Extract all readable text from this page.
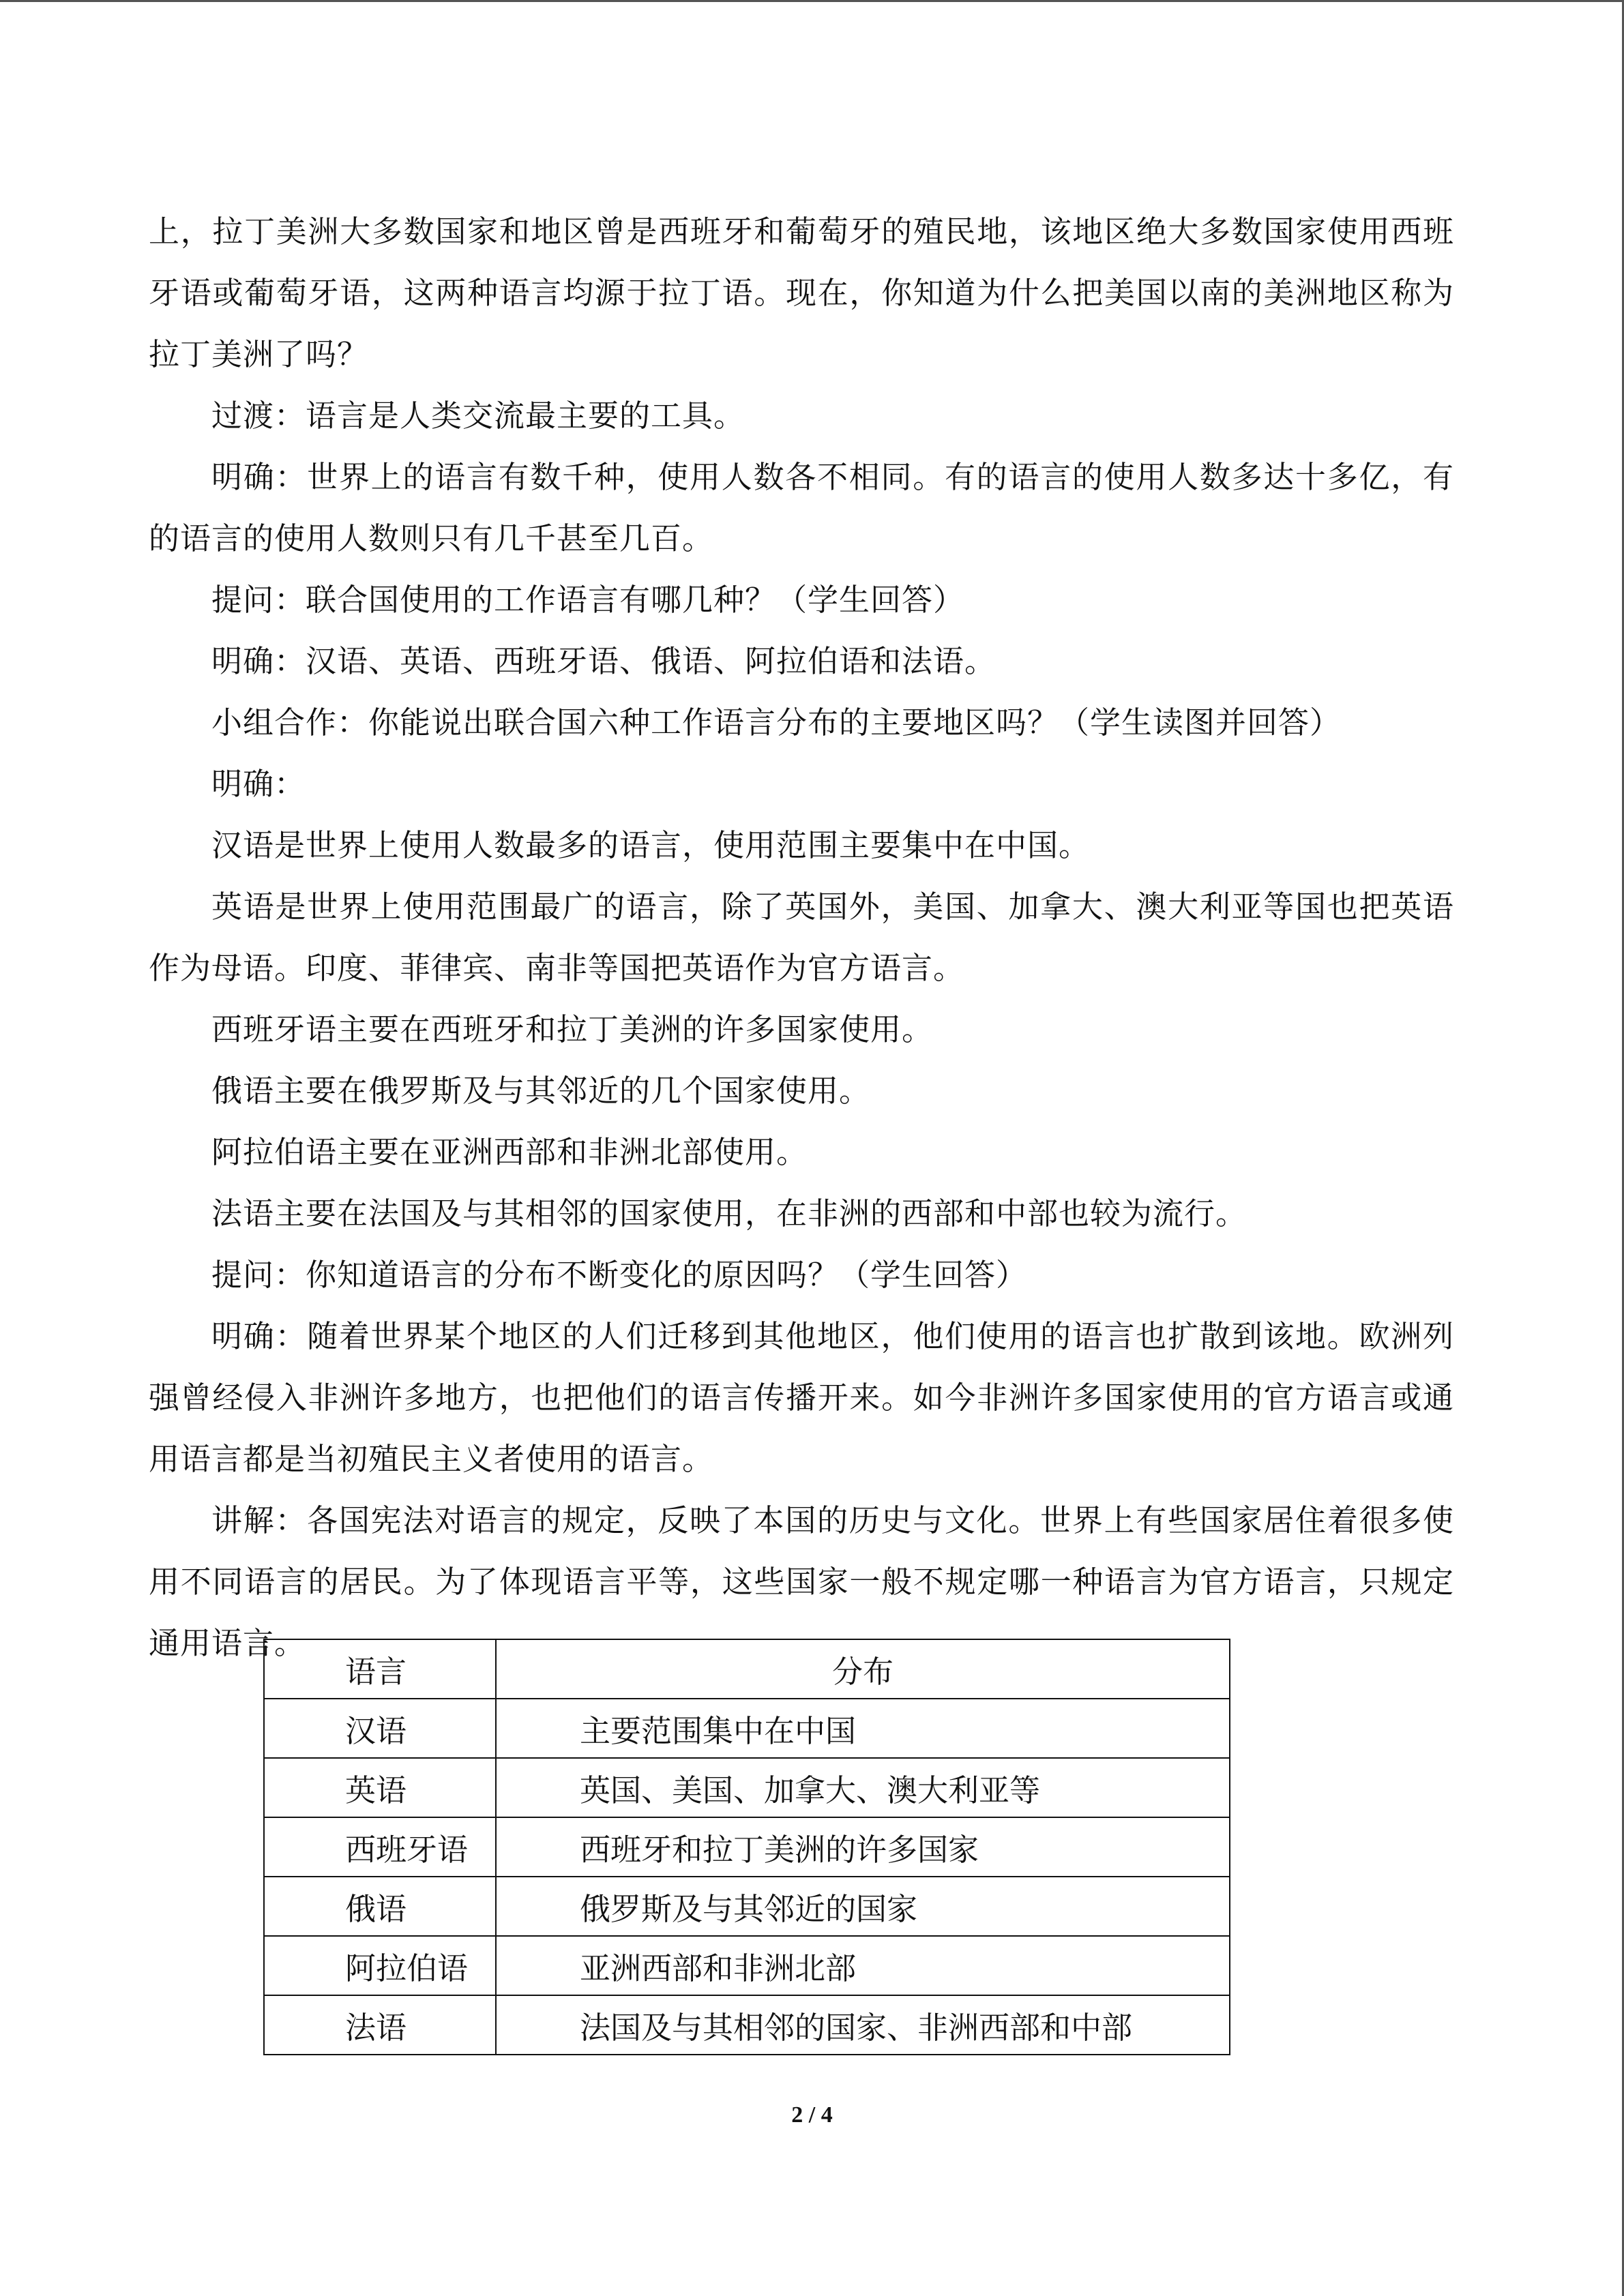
上，拉丁美洲大多数国家和地区曾是西班牙和葡萄牙的殖民地，该地区绝大多数国家使用西班牙语或葡萄牙语，这两种语言均源于拉丁语。现在，你知道为什么把美国以南的美洲地区称为拉丁美洲了吗？

过渡：语言是人类交流最主要的工具。

明确：世界上的语言有数千种，使用人数各不相同。有的语言的使用人数多达十多亿，有的语言的使用人数则只有几千甚至几百。

提问：联合国使用的工作语言有哪几种？（学生回答）

明确：汉语、英语、西班牙语、俄语、阿拉伯语和法语。

小组合作：你能说出联合国六种工作语言分布的主要地区吗？（学生读图并回答）

明确：

汉语是世界上使用人数最多的语言，使用范围主要集中在中国。

英语是世界上使用范围最广的语言，除了英国外，美国、加拿大、澳大利亚等国也把英语作为母语。印度、菲律宾、南非等国把英语作为官方语言。

西班牙语主要在西班牙和拉丁美洲的许多国家使用。

俄语主要在俄罗斯及与其邻近的几个国家使用。

阿拉伯语主要在亚洲西部和非洲北部使用。

法语主要在法国及与其相邻的国家使用，在非洲的西部和中部也较为流行。

提问：你知道语言的分布不断变化的原因吗？（学生回答）

明确：随着世界某个地区的人们迁移到其他地区，他们使用的语言也扩散到该地。欧洲列强曾经侵入非洲许多地方，也把他们的语言传播开来。如今非洲许多国家使用的官方语言或通用语言都是当初殖民主义者使用的语言。

讲解：各国宪法对语言的规定，反映了本国的历史与文化。世界上有些国家居住着很多使用不同语言的居民。为了体现语言平等，这些国家一般不规定哪一种语言为官方语言，只规定通用语言。

语言	分布
汉语	主要范围集中在中国
英语	英国、美国、加拿大、澳大利亚等
西班牙语	西班牙和拉丁美洲的许多国家
俄语	俄罗斯及与其邻近的国家
阿拉伯语	亚洲西部和非洲北部
法语	法国及与其相邻的国家、非洲西部和中部
2 / 4
